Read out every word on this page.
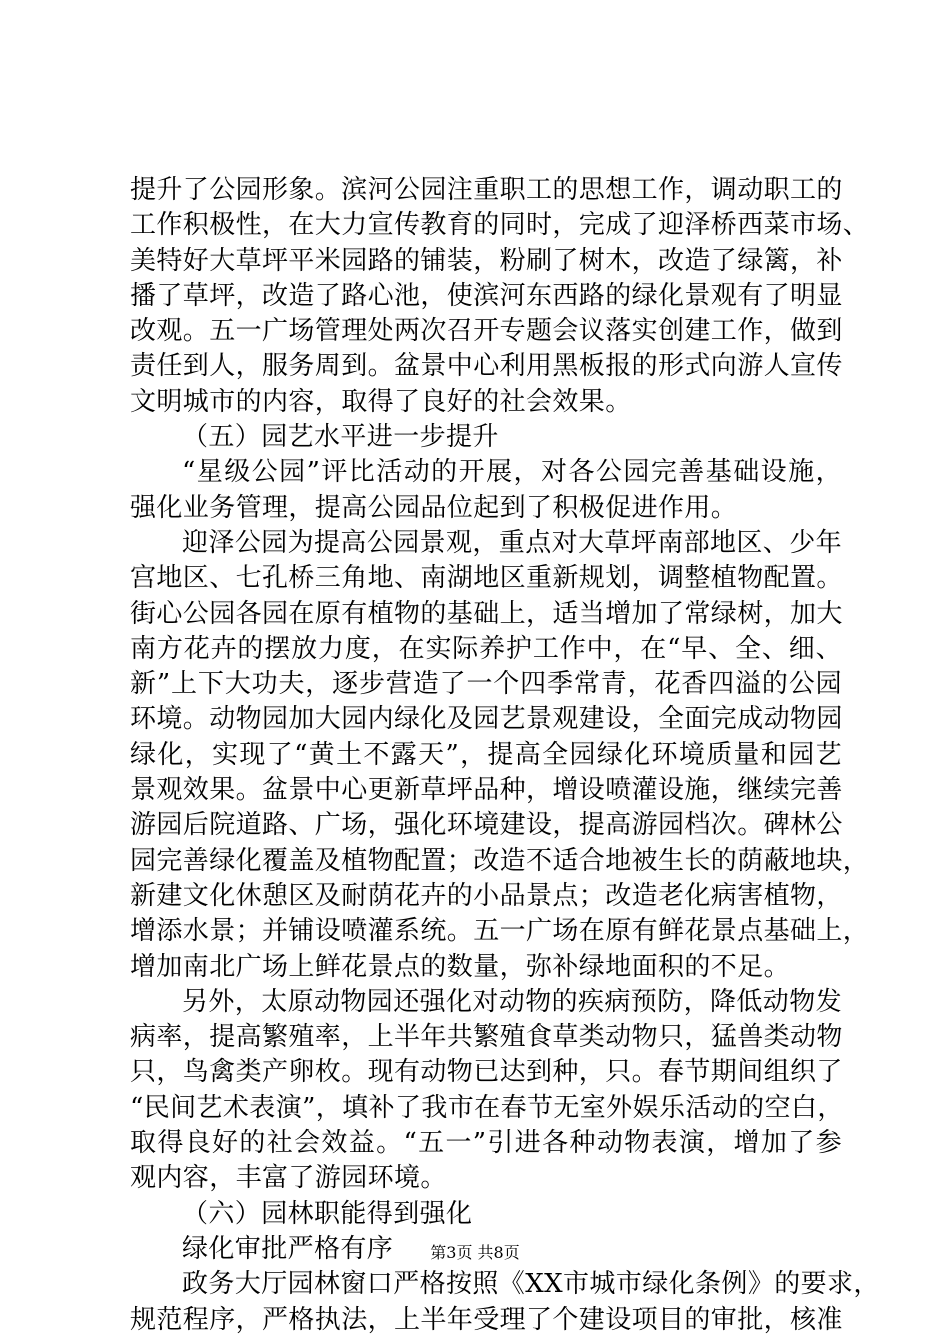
提升了公园形象。滨河公园注重职工的思想工作，调动职工的
工作积极性，在大力宣传教育的同时，完成了迎泽桥西菜市场、
美特好大草坪平米园路的铺装，粉刷了树木，改造了绿篱，补
播了草坪，改造了路心池，使滨河东西路的绿化景观有了明显
改观。五一广场管理处两次召开专题会议落实创建工作，做到
责任到人，服务周到。盆景中心利用黑板报的形式向游人宣传
文明城市的内容，取得了良好的社会效果。
（五）园艺水平进一步提升
“星级公园”评比活动的开展，对各公园完善基础设施，
强化业务管理，提高公园品位起到了积极促进作用。
迎泽公园为提高公园景观，重点对大草坪南部地区、少年
宫地区、七孔桥三角地、南湖地区重新规划，调整植物配置。
街心公园各园在原有植物的基础上，适当增加了常绿树，加大
南方花卉的摆放力度，在实际养护工作中，在“早、全、细、
新”上下大功夫，逐步营造了一个四季常青，花香四溢的公园
环境。动物园加大园内绿化及园艺景观建设，全面完成动物园
绿化，实现了“黄土不露天”，提高全园绿化环境质量和园艺
景观效果。盆景中心更新草坪品种，增设喷灌设施，继续完善
游园后院道路、广场，强化环境建设，提高游园档次。碑林公
园完善绿化覆盖及植物配置；改造不适合地被生长的荫蔽地块，
新建文化休憩区及耐荫花卉的小品景点；改造老化病害植物，
增添水景；并铺设喷灌系统。五一广场在原有鲜花景点基础上，
增加南北广场上鲜花景点的数量，弥补绿地面积的不足。
另外，太原动物园还强化对动物的疾病预防，降低动物发
病率，提高繁殖率，上半年共繁殖食草类动物只，猛兽类动物
只，鸟禽类产卵枚。现有动物已达到种，只。春节期间组织了
“民间艺术表演”，填补了我市在春节无室外娱乐活动的空白，
取得良好的社会效益。“五一”引进各种动物表演，增加了参
观内容，丰富了游园环境。
（六）园林职能得到强化
绿化审批严格有序
政务大厅园林窗口严格按照《XX市城市绿化条例》的要求，
规范程序，严格执法，上半年受理了个建设项目的审批，核准
第3页 共8页
